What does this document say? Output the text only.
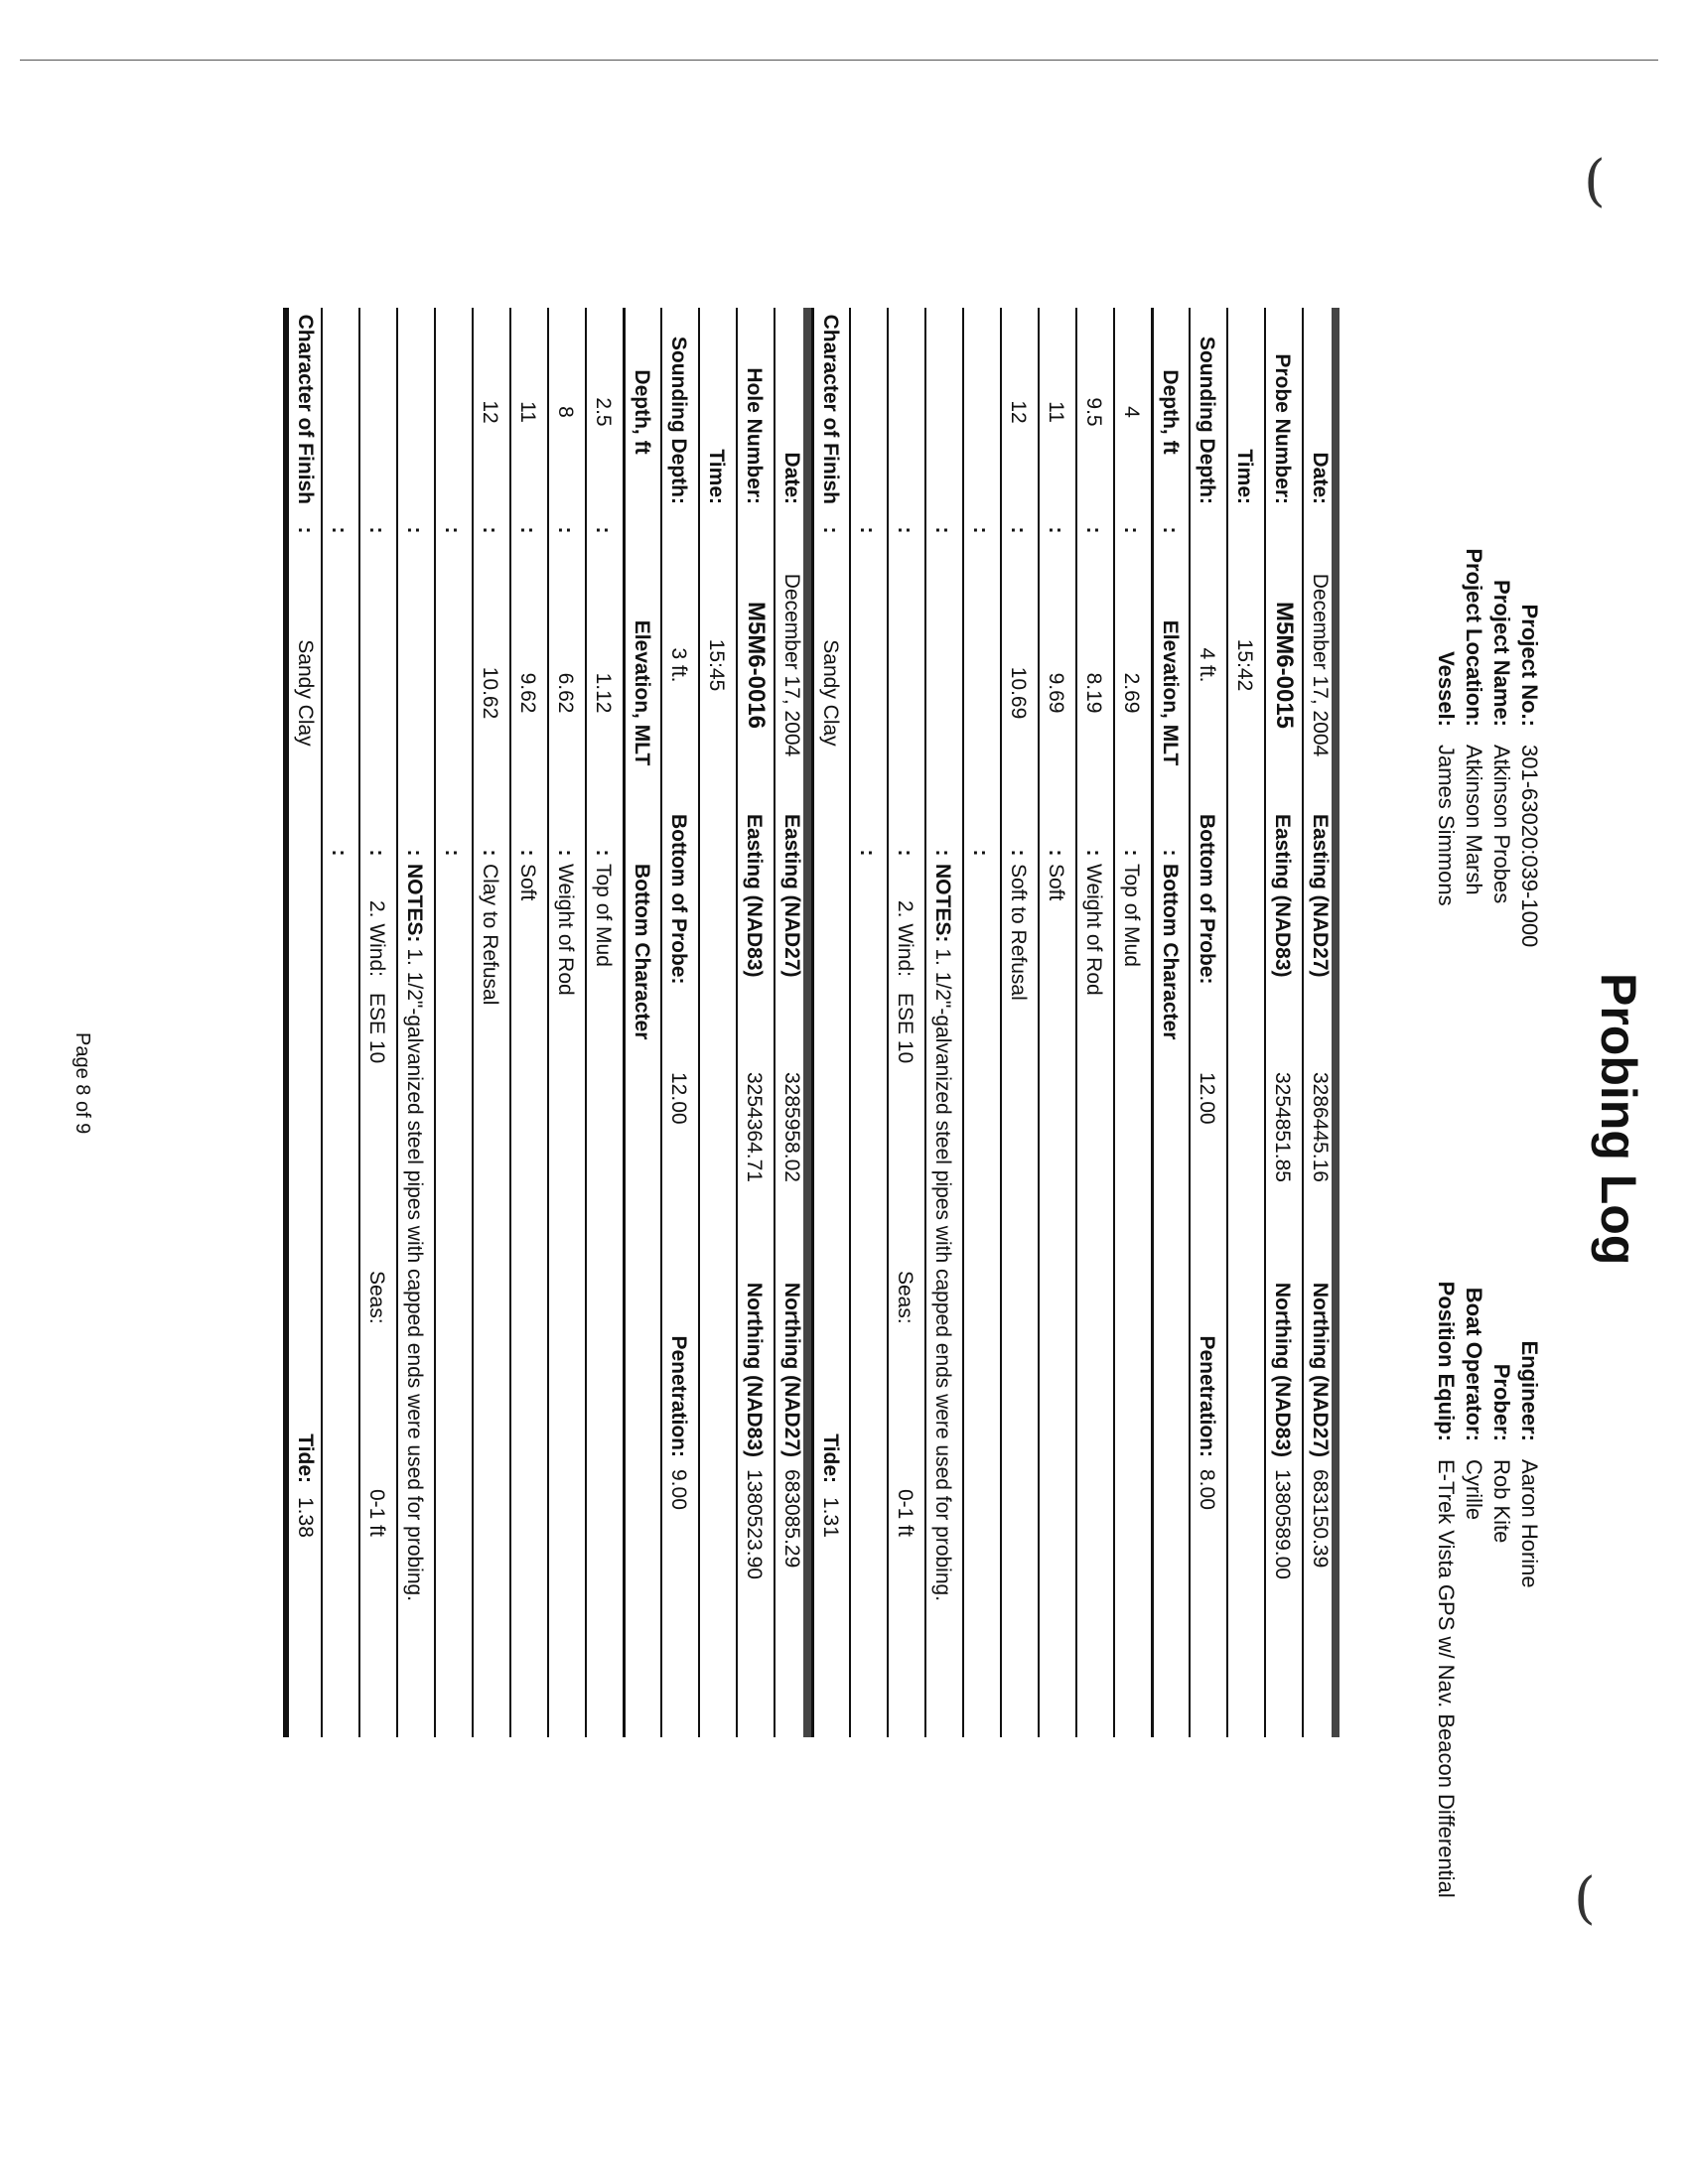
(
(
Probing Log
Project No.:
301-63020:039-1000
Project Name:
Atkinson Probes
Project Location:
Atkinson Marsh
Vessel:
James Simmons
Engineer:
Aaron Horine
Prober:
Rob Kite
Boat Operator:
Cyrille
Position Equip:
E-Trek Vista GPS w/ Nav. Beacon Differential
Date:
December 17, 2004
Easting (NAD27)
3286445.16
Northing (NAD27)
683150.39
Probe Number:
M5M6-0015
Easting (NAD83)
3254851.85
Northing (NAD83)
1380589.00
Time:
15:42
Sounding Depth:
4 ft.
Bottom of Probe:
12.00
Penetration:
8.00
Depth, ft
:
Elevation, MLT
:
Bottom Character
4
:
2.69
:
Top of Mud
9.5
:
8.19
:
Weight of Rod
11
:
9.69
:
Soft
12
:
10.69
:
Soft to Refusal
:
:
:
:
NOTES:
1. 1/2"-galvanized steel pipes with capped ends were used for probing.
:
:
2. Wind:
ESE 10
Seas:
0-1 ft
:
:
Character of Finish
:
Sandy Clay
Tide:
1.31
Date:
December 17, 2004
Easting (NAD27)
3285958.02
Northing (NAD27)
683085.29
Hole Number:
M5M6-0016
Easting (NAD83)
3254364.71
Northing (NAD83)
1380523.90
Time:
15:45
Sounding Depth:
3 ft.
Bottom of Probe:
12.00
Penetration:
9.00
Depth, ft
Elevation, MLT
Bottom Character
2.5
:
1.12
:
Top of Mud
8
:
6.62
:
Weight of Rod
11
:
9.62
:
Soft
12
:
10.62
:
Clay to Refusal
:
:
:
:
NOTES:
1. 1/2"-galvanized steel pipes with capped ends were used for probing.
:
:
2. Wind:
ESE 10
Seas:
0-1 ft
:
:
Character of Finish
:
Sandy Clay
Tide:
1.38
Page 8 of 9
